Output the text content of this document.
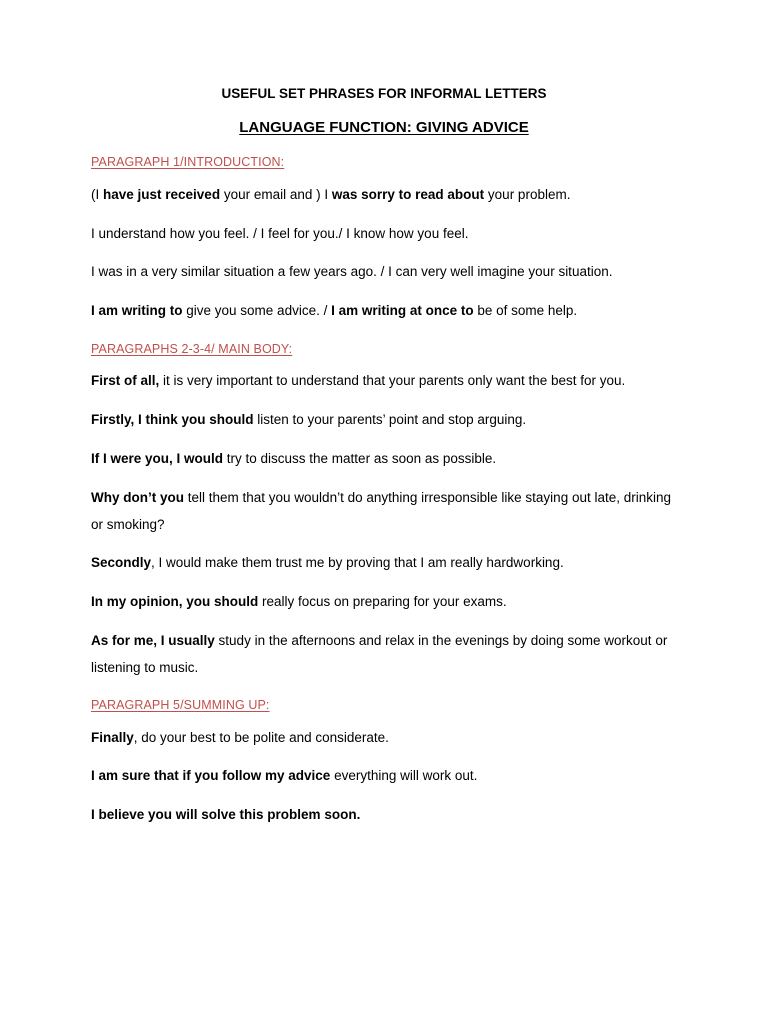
USEFUL SET PHRASES FOR INFORMAL LETTERS
LANGUAGE FUNCTION: GIVING ADVICE
PARAGRAPH 1/INTRODUCTION:
(I have just received your email and ) I was sorry to read about your problem.
I understand how you feel. / I feel for you./ I know how you feel.
I was in a very similar situation a few years ago. / I can very well imagine your situation.
I am writing to give you some advice. / I am writing at once to be of some help.
PARAGRAPHS 2-3-4/ MAIN BODY:
First of all, it is very important to understand that your parents only want the best for you.
Firstly, I think you should listen to your parents’ point and stop arguing.
If I were you, I would try to discuss the matter as soon as possible.
Why don’t you tell them that you wouldn’t do anything irresponsible like staying out late, drinking or smoking?
Secondly, I would make them trust me by proving that I am really hardworking.
In my opinion, you should really focus on preparing for your exams.
As for me, I usually study in the afternoons and relax in the evenings by doing some workout or listening to music.
PARAGRAPH 5/SUMMING UP:
Finally, do your best to be polite and considerate.
I am sure that if you follow my advice everything will work out.
I believe you will solve this problem soon.
